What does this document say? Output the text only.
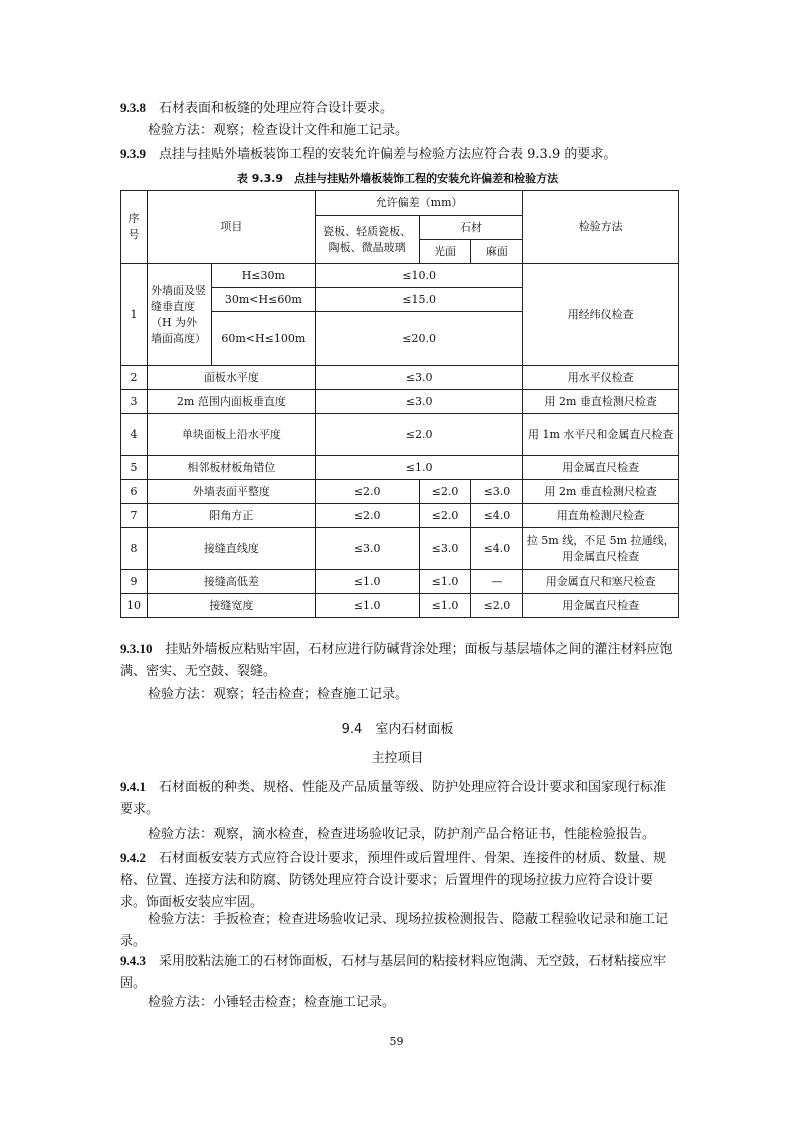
9.3.8　 石材表面和板缝的处理应符合设计要求。

检验方法：观察；检查设计文件和施工记录。

9.3.9　 点挂与挂贴外墙板装饰工程的安装允许偏差与检验方法应符合表 9.3.9 的要求。

表 9.3.9　点挂与挂贴外墙板装饰工程的安装允许偏差和检验方法
序号	项目		允许偏差（mm）			检验方法
			瓷板、轻质瓷板、陶板、微晶玻璃	石材		
				光面	麻面	
1	外墙面及竖缝垂直度（H 为外墙面高度）	H≤30m	≤10.0			用经纬仪检查
		30m<H≤60m	≤15.0			
		60m<H≤100m	≤20.0			
2	面板水平度		≤3.0			用水平仪检查
3	2m 范围内面板垂直度		≤3.0			用 2m 垂直检测尺检查
4	单块面板上沿水平度		≤2.0			用 1m 水平尺和金属直尺检查
5	相邻板材板角错位		≤1.0			用金属直尺检查
6	外墙表面平整度		≤2.0	≤2.0	≤3.0	用 2m 垂直检测尺检查
7	阳角方正		≤2.0	≤2.0	≤4.0	用直角检测尺检查
8	接缝直线度		≤3.0	≤3.0	≤4.0	拉 5m 线，不足 5m 拉通线，用金属直尺检查
9	接缝高低差		≤1.0	≤1.0	—	用金属直尺和塞尺检查
10	接缝宽度		≤1.0	≤1.0	≤2.0	用金属直尺检查

9.3.10　 挂贴外墙板应粘贴牢固，石材应进行防碱背涂处理；面板与基层墙体之间的灌注材料应饱满、密实、无空鼓、裂缝。

检验方法：观察；轻击检查；检查施工记录。

9.4　室内石材面板

主控项目

9.4.1　 石材面板的种类、规格、性能及产品质量等级、防护处理应符合设计要求和国家现行标准要求。

检验方法：观察，滴水检查，检查进场验收记录，防护剂产品合格证书，性能检验报告。

9.4.2　 石材面板安装方式应符合设计要求，预埋件或后置埋件、骨架、连接件的材质、数量、规格、位置、连接方法和防腐、防锈处理应符合设计要求；后置埋件的现场拉拔力应符合设计要求。饰面板安装应牢固。

检验方法：手扳检查；检查进场验收记录、现场拉拔检测报告、隐蔽工程验收记录和施工记录。

9.4.3　 采用胶粘法施工的石材饰面板，石材与基层间的粘接材料应饱满、无空鼓，石材粘接应牢固。

检验方法：小锤轻击检查；检查施工记录。

59
